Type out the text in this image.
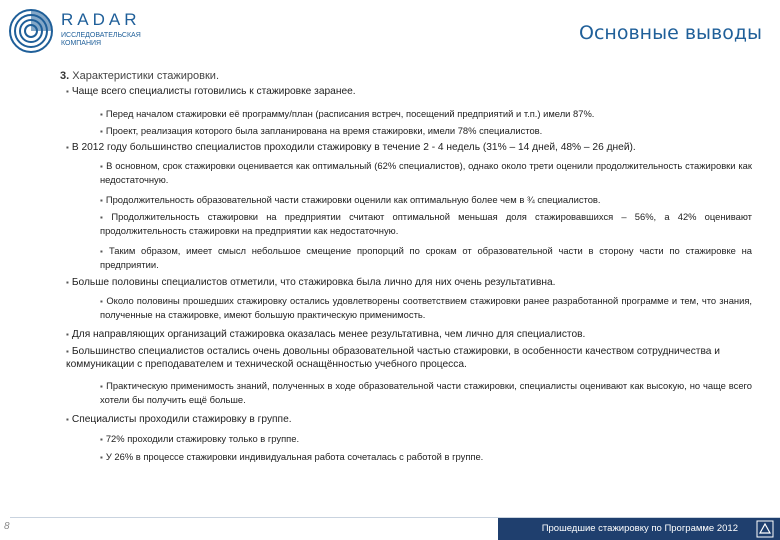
RADAR
ИССЛЕДОВАТЕЛЬСКАЯ
КОМПАНИЯ	Основные выводы
3. Характеристики стажировки.
▪ Чаще всего специалисты готовились к стажировке заранее.
▪ Перед началом стажировки её программу/план (расписания встреч, посещений предприятий и т.п.) имели 87%.
▪ Проект, реализация которого была запланирована на время стажировки, имели 78% специалистов.
▪ В 2012 году большинство специалистов проходили стажировку в течение 2 - 4 недель (31% – 14 дней, 48% – 26 дней).
▪ В основном, срок стажировки оценивается как оптимальный (62% специалистов), однако около трети оценили продолжительность стажировки как недостаточную.
▪ Продолжительность образовательной части стажировки оценили как оптимальную более чем в ¾ специалистов.
▪ Продолжительность стажировки на предприятии считают оптимальной меньшая доля стажировавшихся – 56%, а 42% оценивают продолжительность стажировки на предприятии как недостаточную.
▪ Таким образом, имеет смысл небольшое смещение пропорций по срокам от образовательной части в сторону части по стажировке на предприятии.
▪ Больше половины специалистов отметили, что стажировка была лично для них очень результативна.
▪ Около половины прошедших стажировку остались удовлетворены соответствием стажировки ранее разработанной программе и тем, что знания, полученные на стажировке, имеют большую практическую применимость.
▪ Для направляющих организаций стажировка оказалась менее результативна, чем лично для специалистов.
▪ Большинство специалистов остались очень довольны образовательной частью стажировки, в особенности качеством сотрудничества и коммуникации с преподавателем и технической оснащённостью учебного процесса.
▪ Практическую применимость знаний, полученных в ходе образовательной части стажировки, специалисты оценивают как высокую, но чаще всего хотели бы получить ещё больше.
▪ Специалисты проходили стажировку в группе.
▪ 72% проходили стажировку только в группе.
▪ У 26% в процессе стажировки индивидуальная работа сочеталась с работой в группе.
8	Прошедшие стажировку по Программе 2012
